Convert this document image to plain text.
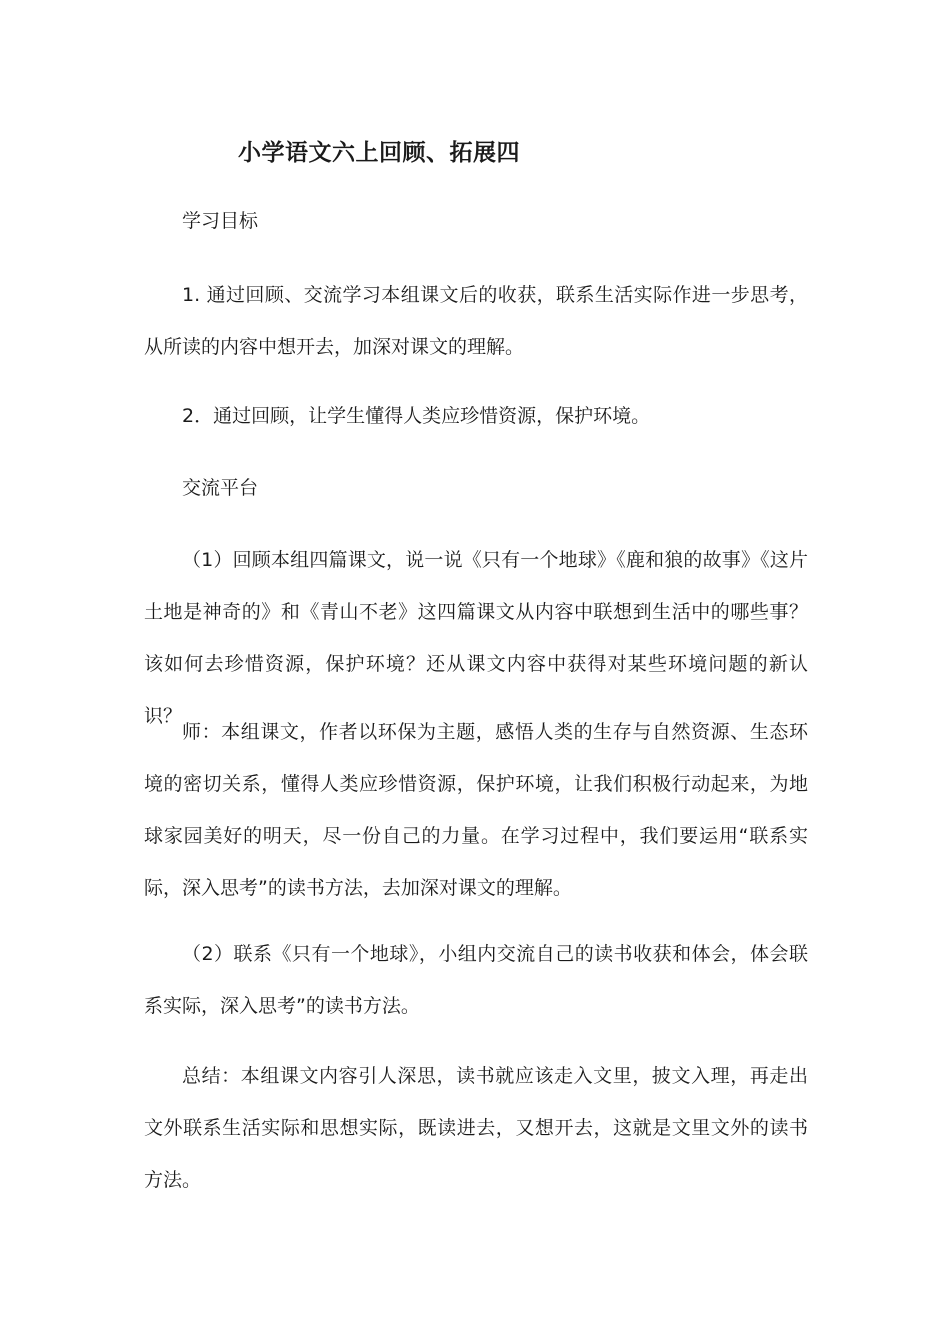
小学语文六上回顾、拓展四

学习目标

1. 通过回顾、交流学习本组课文后的收获，联系生活实际作进一步思考，从所读的内容中想开去，加深对课文的理解。

2．通过回顾，让学生懂得人类应珍惜资源，保护环境。

交流平台

（1）回顾本组四篇课文，说一说《只有一个地球》《鹿和狼的故事》《这片土地是神奇的》和《青山不老》这四篇课文从内容中联想到生活中的哪些事？该如何去珍惜资源，保护环境？还从课文内容中获得对某些环境问题的新认识？

师：本组课文，作者以环保为主题，感悟人类的生存与自然资源、生态环境的密切关系，懂得人类应珍惜资源，保护环境，让我们积极行动起来，为地球家园美好的明天，尽一份自己的力量。在学习过程中，我们要运用“联系实际，深入思考”的读书方法，去加深对课文的理解。

（2）联系《只有一个地球》，小组内交流自己的读书收获和体会，体会联系实际，深入思考”的读书方法。

总结：本组课文内容引人深思，读书就应该走入文里，披文入理，再走出文外联系生活实际和思想实际，既读进去，又想开去，这就是文里文外的读书方法。
